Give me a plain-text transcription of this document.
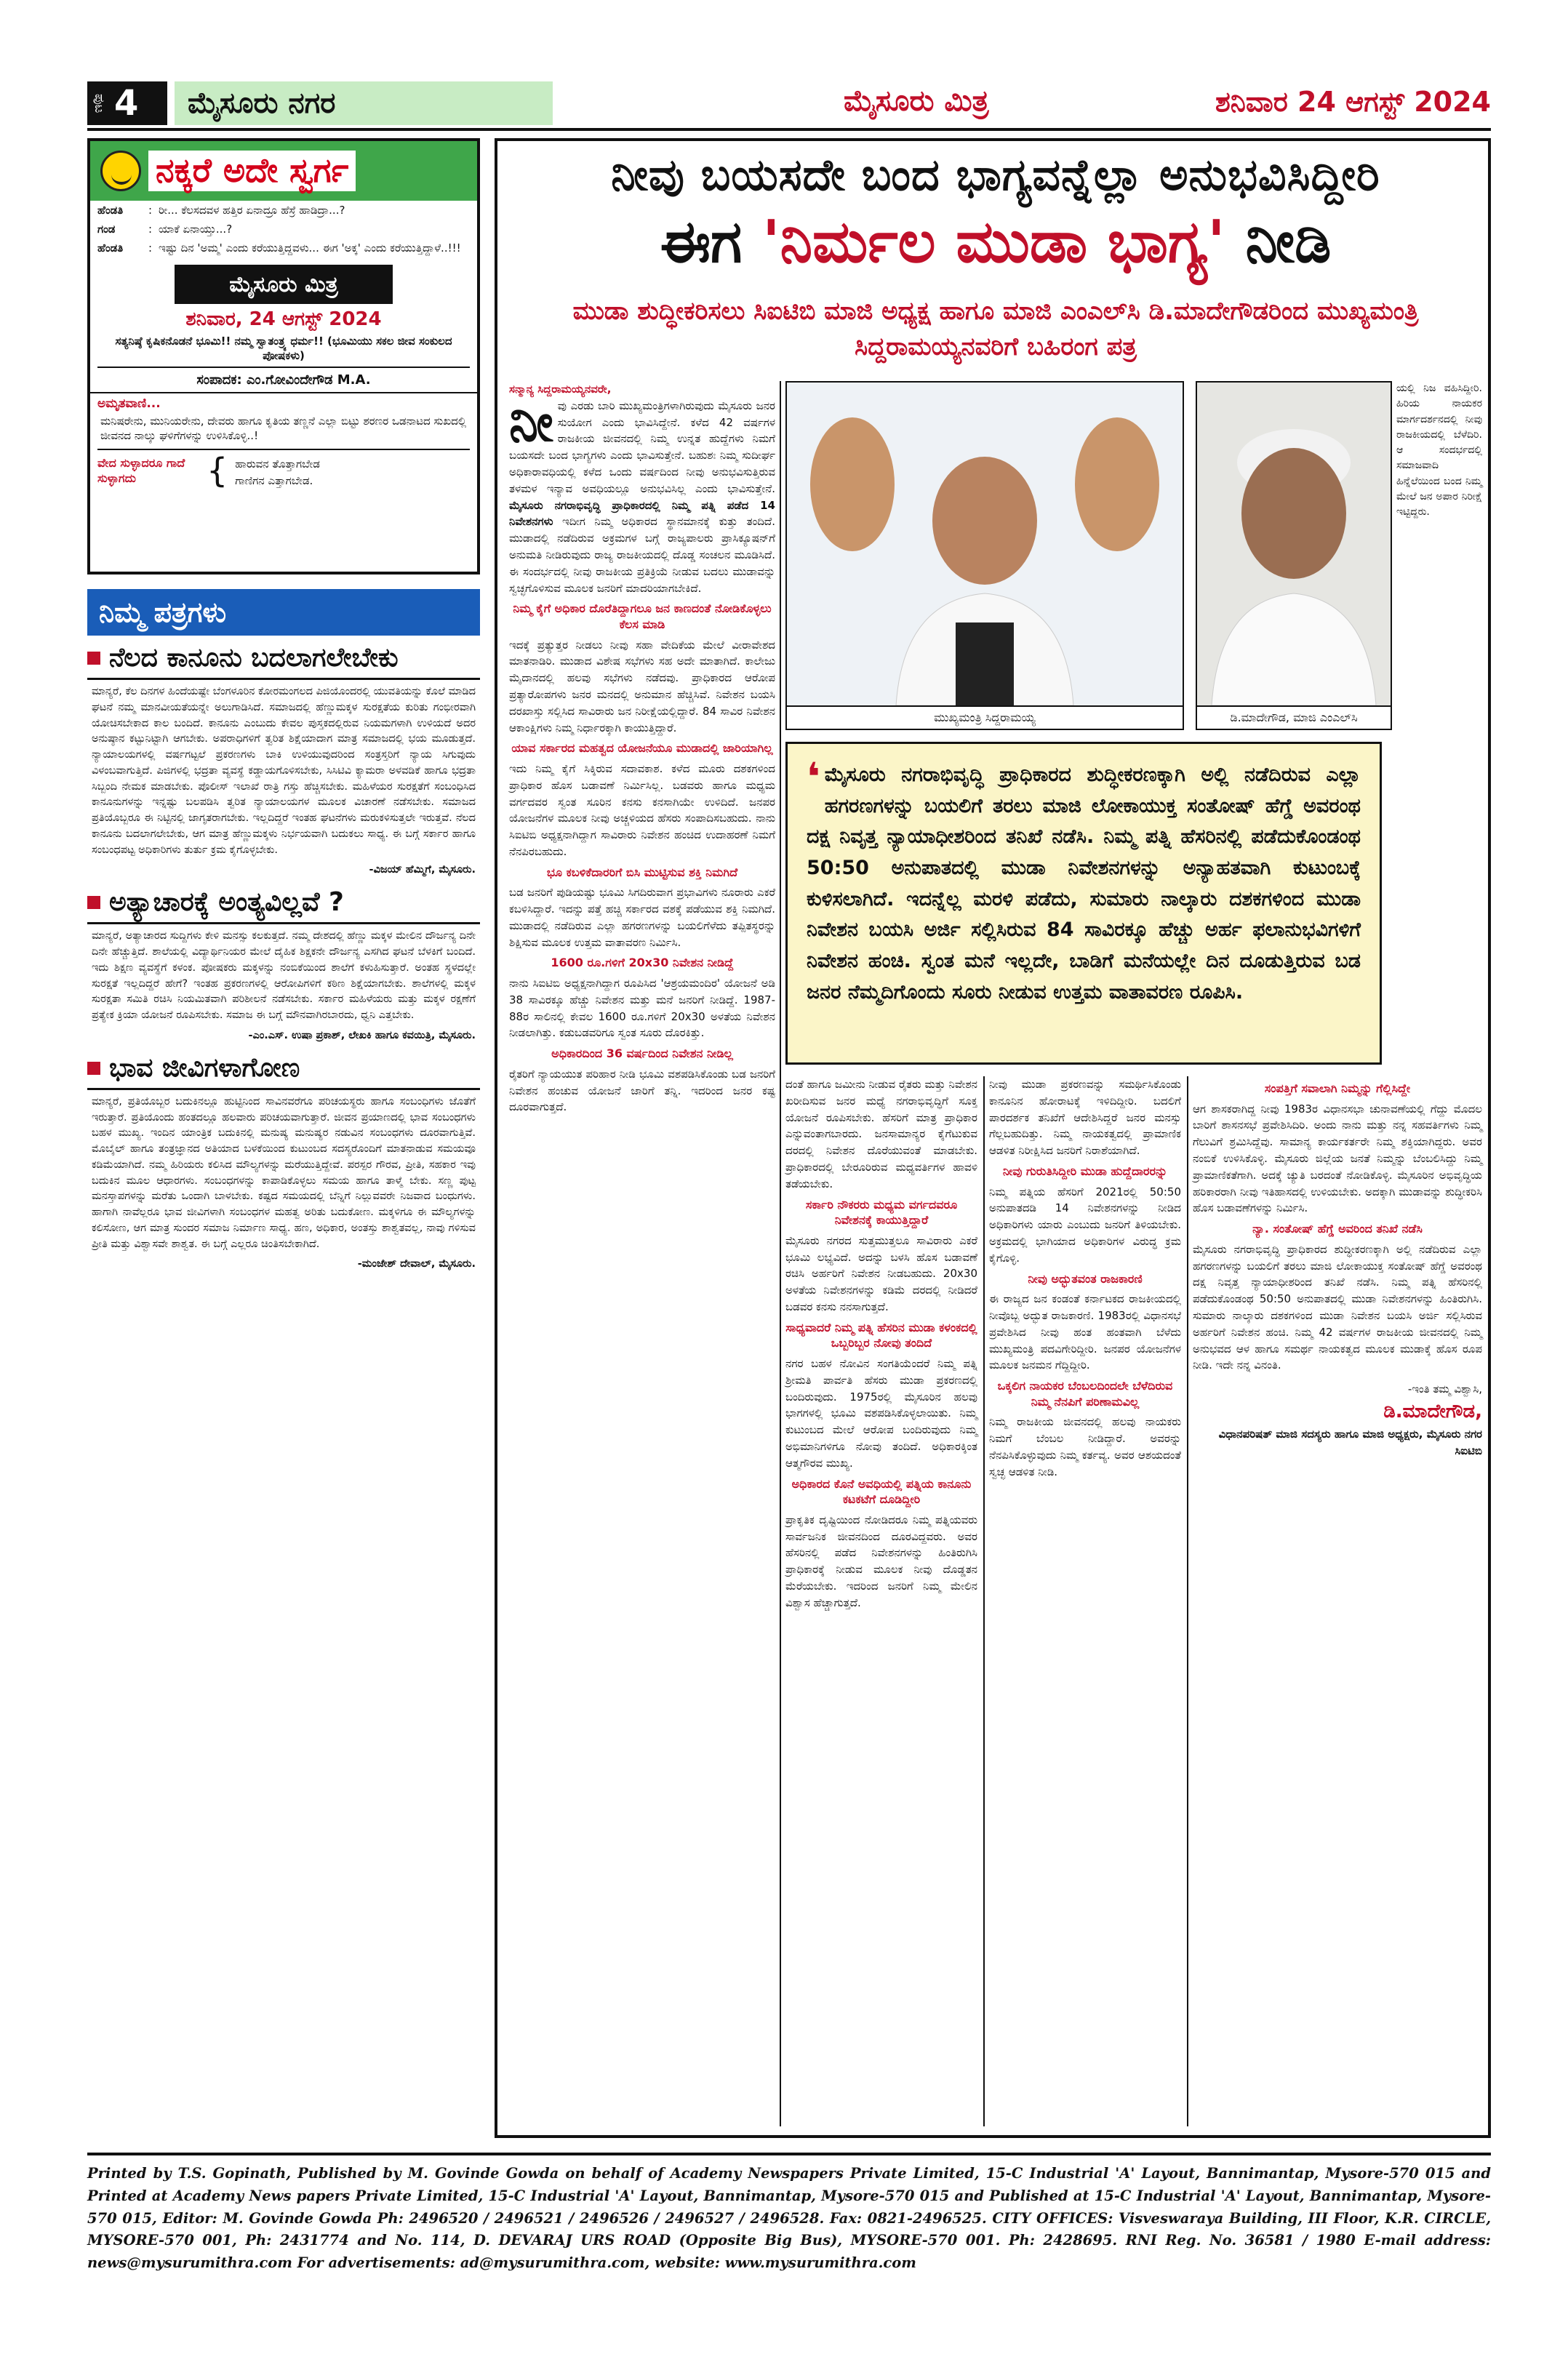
ಪುಟ 4	ಮೈಸೂರು ನಗರ	ಮೈಸೂರು ಮಿತ್ರ	ಶನಿವಾರ 24 ಆಗಸ್ಟ್ 2024
ನಕ್ಕರೆ ಅದೇ ಸ್ವರ್ಗ
ಹೆಂಡತಿ	: ರೀ... ಕೆಲಸದವಳ ಹತ್ತಿರ ಏನಾದ್ರೂ ಹೆಸ್ರೆ ಹಾಡಿದ್ರಾ...?
ಗಂಡ	: ಯಾಕೆ ಏನಾಯ್ತು...?
ಹೆಂಡತಿ	: ಇಷ್ಟು ದಿನ 'ಅಮ್ಮ' ಎಂದು ಕರೆಯುತ್ತಿದ್ದವಳು... ಈಗ 'ಅಕ್ಕ' ಎಂದು ಕರೆಯುತ್ತಿದ್ದಾಳೆ..!!!
ಮೈಸೂರು ಮಿತ್ರ
ಶನಿವಾರ, 24 ಆಗಸ್ಟ್ 2024
ಸತ್ಯನಿಷ್ಠೆ ಕೃಷಿಕನೊಡನೆ ಭೂಮಿ!! ನಮ್ಮ ಸ್ವಾತಂತ್ರ್ಯ ಧರ್ಮ!! (ಭೂಮಿಯು ಸಕಲ ಜೀವ ಸಂಕುಲದ ಪೋಷಕಳು)
ಸಂಪಾದಕ: ಎಂ.ಗೋವಿಂದೇಗೌಡ M.A.
ಅಮೃತವಾಣಿ...
ಮನಿಷರೇನು, ಮುನಿಯರೇನು, ದೇವರು ಹಾಗೂ ಕೃತಿಯ ತಣ್ಣನೆ ಎಲ್ಲಾ ಬಿಟ್ಟು ಶರಣರ ಒಡನಾಟದ ಸುಖದಲ್ಲಿ ಜೀವನದ ನಾಲ್ಕು ಘಳಿಗೆಗಳನ್ನು ಉಳಿಸಿಕೊಳ್ಳಿ..!
ವೇದ ಸುಳ್ಳಾದರೂ ಗಾದೆ ಸುಳ್ಳಾಗದು	{ ಹಾರುವನ ತೊತ್ತಾಗಬೇಡ
ಗಾಣಿಗನ ಎತ್ತಾಗಬೇಡ.
ನಿಮ್ಮ ಪತ್ರಗಳು
ನೆಲದ ಕಾನೂನು ಬದಲಾಗಲೇಬೇಕು
ಮಾನ್ಯರೆ, ಕೆಲ ದಿನಗಳ ಹಿಂದೆಯಷ್ಟೇ ಬೆಂಗಳೂರಿನ ಕೋರಮಂಗಲದ ಪಿಜಿಯೊಂದರಲ್ಲಿ ಯುವತಿಯನ್ನು ಕೊಲೆ ಮಾಡಿದ ಘಟನೆ ನಮ್ಮ ಮಾನವೀಯತೆಯನ್ನೇ ಅಲುಗಾಡಿಸಿದೆ. ಸಮಾಜದಲ್ಲಿ ಹೆಣ್ಣುಮಕ್ಕಳ ಸುರಕ್ಷತೆಯ ಕುರಿತು ಗಂಭೀರವಾಗಿ ಯೋಚಿಸಬೇಕಾದ ಕಾಲ ಬಂದಿದೆ. ಕಾನೂನು ಎಂಬುದು ಕೇವಲ ಪುಸ್ತಕದಲ್ಲಿರುವ ನಿಯಮಗಳಾಗಿ ಉಳಿಯದೆ ಅದರ ಅನುಷ್ಠಾನ ಕಟ್ಟುನಿಟ್ಟಾಗಿ ಆಗಬೇಕು. ಅಪರಾಧಿಗಳಿಗೆ ತ್ವರಿತ ಶಿಕ್ಷೆಯಾದಾಗ ಮಾತ್ರ ಸಮಾಜದಲ್ಲಿ ಭಯ ಮೂಡುತ್ತದೆ. ನ್ಯಾಯಾಲಯಗಳಲ್ಲಿ ವರ್ಷಗಟ್ಟಲೆ ಪ್ರಕರಣಗಳು ಬಾಕಿ ಉಳಿಯುವುದರಿಂದ ಸಂತ್ರಸ್ತರಿಗೆ ನ್ಯಾಯ ಸಿಗುವುದು ವಿಳಂಬವಾಗುತ್ತಿದೆ. ಪಿಜಿಗಳಲ್ಲಿ ಭದ್ರತಾ ವ್ಯವಸ್ಥೆ ಕಡ್ಡಾಯಗೊಳಿಸಬೇಕು, ಸಿಸಿಟಿವಿ ಕ್ಯಾಮರಾ ಅಳವಡಿಕೆ ಹಾಗೂ ಭದ್ರತಾ ಸಿಬ್ಬಂದಿ ನೇಮಕ ಮಾಡಬೇಕು. ಪೊಲೀಸ್ ಇಲಾಖೆ ರಾತ್ರಿ ಗಸ್ತು ಹೆಚ್ಚಿಸಬೇಕು. ಮಹಿಳೆಯರ ಸುರಕ್ಷತೆಗೆ ಸಂಬಂಧಿಸಿದ ಕಾನೂನುಗಳನ್ನು ಇನ್ನಷ್ಟು ಬಲಪಡಿಸಿ ತ್ವರಿತ ನ್ಯಾಯಾಲಯಗಳ ಮೂಲಕ ವಿಚಾರಣೆ ನಡೆಸಬೇಕು. ಸಮಾಜದ ಪ್ರತಿಯೊಬ್ಬರೂ ಈ ನಿಟ್ಟಿನಲ್ಲಿ ಜಾಗೃತರಾಗಬೇಕು. ಇಲ್ಲದಿದ್ದರೆ ಇಂತಹ ಘಟನೆಗಳು ಮರುಕಳಿಸುತ್ತಲೇ ಇರುತ್ತವೆ. ನೆಲದ ಕಾನೂನು ಬದಲಾಗಲೇಬೇಕು, ಆಗ ಮಾತ್ರ ಹೆಣ್ಣುಮಕ್ಕಳು ನಿರ್ಭಯವಾಗಿ ಬದುಕಲು ಸಾಧ್ಯ. ಈ ಬಗ್ಗೆ ಸರ್ಕಾರ ಹಾಗೂ ಸಂಬಂಧಪಟ್ಟ ಅಧಿಕಾರಿಗಳು ತುರ್ತು ಕ್ರಮ ಕೈಗೊಳ್ಳಬೇಕು.
-ವಿಜಯ್ ಹೆಮ್ಮಿಗೆ, ಮೈಸೂರು.
ಅತ್ಯಾಚಾರಕ್ಕೆ ಅಂತ್ಯವಿಲ್ಲವೆ ?
ಮಾನ್ಯರೆ, ಅತ್ಯಾಚಾರದ ಸುದ್ದಿಗಳು ಕೇಳಿ ಮನಸ್ಸು ಕಲಕುತ್ತದೆ. ನಮ್ಮ ದೇಶದಲ್ಲಿ ಹೆಣ್ಣು ಮಕ್ಕಳ ಮೇಲಿನ ದೌರ್ಜನ್ಯ ದಿನೇ ದಿನೇ ಹೆಚ್ಚುತ್ತಿದೆ. ಶಾಲೆಯಲ್ಲಿ ವಿದ್ಯಾರ್ಥಿನಿಯರ ಮೇಲೆ ದೈಹಿಕ ಶಿಕ್ಷಕನೇ ದೌರ್ಜನ್ಯ ಎಸಗಿದ ಘಟನೆ ಬೆಳಕಿಗೆ ಬಂದಿದೆ. ಇದು ಶಿಕ್ಷಣ ವ್ಯವಸ್ಥೆಗೆ ಕಳಂಕ. ಪೋಷಕರು ಮಕ್ಕಳನ್ನು ನಂಬಿಕೆಯಿಂದ ಶಾಲೆಗೆ ಕಳುಹಿಸುತ್ತಾರೆ. ಅಂತಹ ಸ್ಥಳದಲ್ಲೇ ಸುರಕ್ಷತೆ ಇಲ್ಲದಿದ್ದರೆ ಹೇಗೆ? ಇಂತಹ ಪ್ರಕರಣಗಳಲ್ಲಿ ಆರೋಪಿಗಳಿಗೆ ಕಠಿಣ ಶಿಕ್ಷೆಯಾಗಬೇಕು. ಶಾಲೆಗಳಲ್ಲಿ ಮಕ್ಕಳ ಸುರಕ್ಷತಾ ಸಮಿತಿ ರಚಿಸಿ ನಿಯಮಿತವಾಗಿ ಪರಿಶೀಲನೆ ನಡೆಸಬೇಕು. ಸರ್ಕಾರ ಮಹಿಳೆಯರು ಮತ್ತು ಮಕ್ಕಳ ರಕ್ಷಣೆಗೆ ಪ್ರತ್ಯೇಕ ಕ್ರಿಯಾ ಯೋಜನೆ ರೂಪಿಸಬೇಕು. ಸಮಾಜ ಈ ಬಗ್ಗೆ ಮೌನವಾಗಿರಬಾರದು, ಧ್ವನಿ ಎತ್ತಬೇಕು.
-ಎಂ.ಎಸ್. ಉಷಾ ಪ್ರಕಾಶ್, ಲೇಖಕಿ ಹಾಗೂ ಕವಯಿತ್ರಿ, ಮೈಸೂರು.
ಭಾವ ಜೀವಿಗಳಾಗೋಣ
ಮಾನ್ಯರೆ, ಪ್ರತಿಯೊಬ್ಬರ ಬದುಕಿನಲ್ಲೂ ಹುಟ್ಟಿನಿಂದ ಸಾವಿನವರೆಗೂ ಪರಿಚಯಸ್ಥರು ಹಾಗೂ ಸಂಬಂಧಿಗಳು ಜೊತೆಗೆ ಇರುತ್ತಾರೆ. ಪ್ರತಿಯೊಂದು ಹಂತದಲ್ಲೂ ಹಲವಾರು ಪರಿಚಯವಾಗುತ್ತಾರೆ. ಜೀವನ ಪ್ರಯಾಣದಲ್ಲಿ ಭಾವ ಸಂಬಂಧಗಳು ಬಹಳ ಮುಖ್ಯ. ಇಂದಿನ ಯಾಂತ್ರಿಕ ಬದುಕಿನಲ್ಲಿ ಮನುಷ್ಯ ಮನುಷ್ಯರ ನಡುವಿನ ಸಂಬಂಧಗಳು ದೂರವಾಗುತ್ತಿವೆ. ಮೊಬೈಲ್ ಹಾಗೂ ತಂತ್ರಜ್ಞಾನದ ಅತಿಯಾದ ಬಳಕೆಯಿಂದ ಕುಟುಂಬದ ಸದಸ್ಯರೊಂದಿಗೆ ಮಾತನಾಡುವ ಸಮಯವೂ ಕಡಿಮೆಯಾಗಿದೆ. ನಮ್ಮ ಹಿರಿಯರು ಕಲಿಸಿದ ಮೌಲ್ಯಗಳನ್ನು ಮರೆಯುತ್ತಿದ್ದೇವೆ. ಪರಸ್ಪರ ಗೌರವ, ಪ್ರೀತಿ, ಸಹಕಾರ ಇವು ಬದುಕಿನ ಮೂಲ ಆಧಾರಗಳು. ಸಂಬಂಧಗಳನ್ನು ಕಾಪಾಡಿಕೊಳ್ಳಲು ಸಮಯ ಹಾಗೂ ತಾಳ್ಮೆ ಬೇಕು. ಸಣ್ಣ ಪುಟ್ಟ ಮನಸ್ತಾಪಗಳನ್ನು ಮರೆತು ಒಂದಾಗಿ ಬಾಳಬೇಕು. ಕಷ್ಟದ ಸಮಯದಲ್ಲಿ ಬೆನ್ನಿಗೆ ನಿಲ್ಲುವವರೇ ನಿಜವಾದ ಬಂಧುಗಳು. ಹಾಗಾಗಿ ನಾವೆಲ್ಲರೂ ಭಾವ ಜೀವಿಗಳಾಗಿ ಸಂಬಂಧಗಳ ಮಹತ್ವ ಅರಿತು ಬದುಕೋಣ. ಮಕ್ಕಳಿಗೂ ಈ ಮೌಲ್ಯಗಳನ್ನು ಕಲಿಸೋಣ, ಆಗ ಮಾತ್ರ ಸುಂದರ ಸಮಾಜ ನಿರ್ಮಾಣ ಸಾಧ್ಯ. ಹಣ, ಅಧಿಕಾರ, ಅಂತಸ್ತು ಶಾಶ್ವತವಲ್ಲ, ನಾವು ಗಳಿಸುವ ಪ್ರೀತಿ ಮತ್ತು ವಿಶ್ವಾಸವೇ ಶಾಶ್ವತ. ಈ ಬಗ್ಗೆ ಎಲ್ಲರೂ ಚಿಂತಿಸಬೇಕಾಗಿದೆ.
-ಮಂಜೇಶ್ ದೇವಾಲ್, ಮೈಸೂರು.
ನೀವು ಬಯಸದೇ ಬಂದ ಭಾಗ್ಯವನ್ನೆಲ್ಲಾ ಅನುಭವಿಸಿದ್ದೀರಿ
ಈಗ 'ನಿರ್ಮಲ ಮುಡಾ ಭಾಗ್ಯ' ನೀಡಿ
ಮುಡಾ ಶುದ್ಧೀಕರಿಸಲು ಸಿಐಟಿಬಿ ಮಾಜಿ ಅಧ್ಯಕ್ಷ ಹಾಗೂ ಮಾಜಿ ಎಂಎಲ್‌ಸಿ ಡಿ.ಮಾದೇಗೌಡರಿಂದ ಮುಖ್ಯಮಂತ್ರಿ ಸಿದ್ದರಾಮಯ್ಯನವರಿಗೆ ಬಹಿರಂಗ ಪತ್ರ
ಸನ್ಮಾನ್ಯ ಸಿದ್ದರಾಮಯ್ಯನವರೇ,
ನೀ ವು ಎರಡು ಬಾರಿ ಮುಖ್ಯಮಂತ್ರಿಗಳಾಗಿರುವುದು ಮೈಸೂರು ಜನರ ಸುಯೋಗ ಎಂದು ಭಾವಿಸಿದ್ದೇನೆ. ಕಳೆದ 42 ವರ್ಷಗಳ ರಾಜಕೀಯ ಜೀವನದಲ್ಲಿ ನಿಮ್ಮ ಉನ್ನತ ಹುದ್ದೆಗಳು ನಿಮಗೆ ಬಯಸದೇ ಬಂದ ಭಾಗ್ಯಗಳು ಎಂದು ಭಾವಿಸುತ್ತೇನೆ. ಬಹುಶಃ ನಿಮ್ಮ ಸುದೀರ್ಘ ಅಧಿಕಾರಾವಧಿಯಲ್ಲಿ ಕಳೆದ ಒಂದು ವರ್ಷದಿಂದ ನೀವು ಅನುಭವಿಸುತ್ತಿರುವ ತಳಮಳ ಇನ್ಯಾವ ಅವಧಿಯಲ್ಲೂ ಅನುಭವಿಸಿಲ್ಲ ಎಂದು ಭಾವಿಸುತ್ತೇನೆ. ಮೈಸೂರು ನಗರಾಭಿವೃದ್ಧಿ ಪ್ರಾಧಿಕಾರದಲ್ಲಿ ನಿಮ್ಮ ಪತ್ನಿ ಪಡೆದ 14 ನಿವೇಶನಗಳು ಇದೀಗ ನಿಮ್ಮ ಅಧಿಕಾರದ ಸ್ಥಾನಮಾನಕ್ಕೆ ಕುತ್ತು ತಂದಿದೆ. ಮುಡಾದಲ್ಲಿ ನಡೆದಿರುವ ಅಕ್ರಮಗಳ ಬಗ್ಗೆ ರಾಜ್ಯಪಾಲರು ಪ್ರಾಸಿಕ್ಯೂಷನ್‌ಗೆ ಅನುಮತಿ ನೀಡಿರುವುದು ರಾಜ್ಯ ರಾಜಕೀಯದಲ್ಲಿ ದೊಡ್ಡ ಸಂಚಲನ ಮೂಡಿಸಿದೆ. ಈ ಸಂದರ್ಭದಲ್ಲಿ ನೀವು ರಾಜಕೀಯ ಪ್ರತಿಕ್ರಿಯೆ ನೀಡುವ ಬದಲು ಮುಡಾವನ್ನು ಸ್ವಚ್ಛಗೊಳಿಸುವ ಮೂಲಕ ಜನರಿಗೆ ಮಾದರಿಯಾಗಬೇಕಿದೆ.
ನಿಮ್ಮ ಕೈಗೆ ಅಧಿಕಾರ ದೊರೆತಿದ್ದಾಗಲೂ ಜನ ಕಾಣದಂತೆ ನೋಡಿಕೊಳ್ಳಲು ಕೆಲಸ ಮಾಡಿ
ಇದಕ್ಕೆ ಪ್ರತ್ಯುತ್ತರ ನೀಡಲು ನೀವು ಸಹಾ ವೇದಿಕೆಯ ಮೇಲೆ ವೀರಾವೇಶದ ಮಾತನಾಡಿರಿ. ಮುಡಾದ ವಿಶೇಷ ಸಭೆಗಳು ಸಹ ಅದೇ ಮಾತಾಗಿದೆ. ಕಾಲೇಜು ಮೈದಾನದಲ್ಲಿ ಹಲವು ಸಭೆಗಳು ನಡೆದವು. ಪ್ರಾಧಿಕಾರದ ಆರೋಪ ಪ್ರತ್ಯಾರೋಪಗಳು ಜನರ ಮನದಲ್ಲಿ ಅನುಮಾನ ಹೆಚ್ಚಿಸಿವೆ. ನಿವೇಶನ ಬಯಸಿ ದರಖಾಸ್ತು ಸಲ್ಲಿಸಿದ ಸಾವಿರಾರು ಜನ ನಿರೀಕ್ಷೆಯಲ್ಲಿದ್ದಾರೆ. 84 ಸಾವಿರ ನಿವೇಶನ ಆಕಾಂಕ್ಷಿಗಳು ನಿಮ್ಮ ನಿರ್ಧಾರಕ್ಕಾಗಿ ಕಾಯುತ್ತಿದ್ದಾರೆ.
ಯಾವ ಸರ್ಕಾರದ ಮಹತ್ವದ ಯೋಜನೆಯೂ ಮುಡಾದಲ್ಲಿ ಜಾರಿಯಾಗಿಲ್ಲ
ಇದು ನಿಮ್ಮ ಕೈಗೆ ಸಿಕ್ಕಿರುವ ಸದಾವಕಾಶ. ಕಳೆದ ಮೂರು ದಶಕಗಳಿಂದ ಪ್ರಾಧಿಕಾರ ಹೊಸ ಬಡಾವಣೆ ನಿರ್ಮಿಸಿಲ್ಲ. ಬಡವರು ಹಾಗೂ ಮಧ್ಯಮ ವರ್ಗದವರ ಸ್ವಂತ ಸೂರಿನ ಕನಸು ಕನಸಾಗಿಯೇ ಉಳಿದಿದೆ. ಜನಪರ ಯೋಜನೆಗಳ ಮೂಲಕ ನೀವು ಅಚ್ಚಳಿಯದ ಹೆಸರು ಸಂಪಾದಿಸಬಹುದು. ನಾನು ಸಿಐಟಿಬಿ ಅಧ್ಯಕ್ಷನಾಗಿದ್ದಾಗ ಸಾವಿರಾರು ನಿವೇಶನ ಹಂಚಿದ ಉದಾಹರಣೆ ನಿಮಗೆ ನೆನಪಿರಬಹುದು.
ಭೂ ಕಬಳಿಕೆದಾರರಿಗೆ ಬಿಸಿ ಮುಟ್ಟಿಸುವ ಶಕ್ತಿ ನಿಮಗಿದೆ
ಬಡ ಜನರಿಗೆ ಪುಡಿಯಷ್ಟು ಭೂಮಿ ಸಿಗದಿರುವಾಗ ಪ್ರಭಾವಿಗಳು ನೂರಾರು ಎಕರೆ ಕಬಳಿಸಿದ್ದಾರೆ. ಇದನ್ನು ಪತ್ತೆ ಹಚ್ಚಿ ಸರ್ಕಾರದ ವಶಕ್ಕೆ ಪಡೆಯುವ ಶಕ್ತಿ ನಿಮಗಿದೆ. ಮುಡಾದಲ್ಲಿ ನಡೆದಿರುವ ಎಲ್ಲಾ ಹಗರಣಗಳನ್ನು ಬಯಲಿಗೆಳೆದು ತಪ್ಪಿತಸ್ಥರನ್ನು ಶಿಕ್ಷಿಸುವ ಮೂಲಕ ಉತ್ತಮ ವಾತಾವರಣ ನಿರ್ಮಿಸಿ.
1600 ರೂ.ಗಳಿಗೆ 20x30 ನಿವೇಶನ ನೀಡಿದ್ದೆ
ನಾನು ಸಿಐಟಿಬಿ ಅಧ್ಯಕ್ಷನಾಗಿದ್ದಾಗ ರೂಪಿಸಿದ 'ಆಶ್ರಯಮಂದಿರ' ಯೋಜನೆ ಅಡಿ 38 ಸಾವಿರಕ್ಕೂ ಹೆಚ್ಚು ನಿವೇಶನ ಮತ್ತು ಮನೆ ಜನರಿಗೆ ನೀಡಿದ್ದೆ. 1987-88ರ ಸಾಲಿನಲ್ಲಿ ಕೇವಲ 1600 ರೂ.ಗಳಿಗೆ 20x30 ಅಳತೆಯ ನಿವೇಶನ ನೀಡಲಾಗಿತ್ತು. ಕಡುಬಡವರಿಗೂ ಸ್ವಂತ ಸೂರು ದೊರಕಿತ್ತು.
ಅಧಿಕಾರದಿಂದ 36 ವರ್ಷದಿಂದ ನಿವೇಶನ ನೀಡಿಲ್ಲ
ರೈತರಿಗೆ ನ್ಯಾಯಯುತ ಪರಿಹಾರ ನೀಡಿ ಭೂಮಿ ವಶಪಡಿಸಿಕೊಂಡು ಬಡ ಜನರಿಗೆ ನಿವೇಶನ ಹಂಚುವ ಯೋಜನೆ ಜಾರಿಗೆ ತನ್ನಿ. ಇದರಿಂದ ಜನರ ಕಷ್ಟ ದೂರವಾಗುತ್ತದೆ.
ಮುಖ್ಯಮಂತ್ರಿ ಸಿದ್ದರಾಮಯ್ಯ	ಡಿ.ಮಾದೇಗೌಡ, ಮಾಜಿ ಎಂಎಲ್‌ಸಿ
❛ ಮೈಸೂರು ನಗರಾಭಿವೃದ್ಧಿ ಪ್ರಾಧಿಕಾರದ ಶುದ್ಧೀಕರಣಕ್ಕಾಗಿ ಅಲ್ಲಿ ನಡೆದಿರುವ ಎಲ್ಲಾ ಹಗರಣಗಳನ್ನು ಬಯಲಿಗೆ ತರಲು ಮಾಜಿ ಲೋಕಾಯುಕ್ತ ಸಂತೋಷ್ ಹೆಗ್ಡೆ ಅವರಂಥ ದಕ್ಷ ನಿವೃತ್ತ ನ್ಯಾಯಾಧೀಶರಿಂದ ತನಿಖೆ ನಡೆಸಿ. ನಿಮ್ಮ ಪತ್ನಿ ಹೆಸರಿನಲ್ಲಿ ಪಡೆದುಕೊಂಡಂಥ 50:50 ಅನುಪಾತದಲ್ಲಿ ಮುಡಾ ನಿವೇಶನಗಳನ್ನು ಅನ್ಯಾಹತವಾಗಿ ಕುಟುಂಬಕ್ಕೆ ಕುಳಿಸಲಾಗಿದೆ. ಇದನ್ನೆಲ್ಲ ಮರಳಿ ಪಡೆದು, ಸುಮಾರು ನಾಲ್ಕಾರು ದಶಕಗಳಿಂದ ಮುಡಾ ನಿವೇಶನ ಬಯಸಿ ಅರ್ಜಿ ಸಲ್ಲಿಸಿರುವ 84 ಸಾವಿರಕ್ಕೂ ಹೆಚ್ಚು ಅರ್ಹ ಫಲಾನುಭವಿಗಳಿಗೆ ನಿವೇಶನ ಹಂಚಿ. ಸ್ವಂತ ಮನೆ ಇಲ್ಲದೇ, ಬಾಡಿಗೆ ಮನೆಯಲ್ಲೇ ದಿನ ದೂಡುತ್ತಿರುವ ಬಡ ಜನರ ನೆಮ್ಮದಿಗೊಂದು ಸೂರು ನೀಡುವ ಉತ್ತಮ ವಾತಾವರಣ ರೂಪಿಸಿ.
ದಂತೆ ಹಾಗೂ ಜಮೀನು ನೀಡುವ ರೈತರು ಮತ್ತು ನಿವೇಶನ ಖರೀದಿಸುವ ಜನರ ಮಧ್ಯೆ ನಗರಾಭಿವೃದ್ಧಿಗೆ ಸೂಕ್ತ ಯೋಜನೆ ರೂಪಿಸಬೇಕು. ಹೆಸರಿಗೆ ಮಾತ್ರ ಪ್ರಾಧಿಕಾರ ಎನ್ನುವಂತಾಗಬಾರದು. ಜನಸಾಮಾನ್ಯರ ಕೈಗೆಟುಕುವ ದರದಲ್ಲಿ ನಿವೇಶನ ದೊರೆಯುವಂತೆ ಮಾಡಬೇಕು. ಪ್ರಾಧಿಕಾರದಲ್ಲಿ ಬೇರೂರಿರುವ ಮಧ್ಯವರ್ತಿಗಳ ಹಾವಳಿ ತಡೆಯಬೇಕು.
ಸರ್ಕಾರಿ ನೌಕರರು ಮಧ್ಯಮ ವರ್ಗದವರೂ ನಿವೇಶನಕ್ಕೆ ಕಾಯುತ್ತಿದ್ದಾರೆ
ಮೈಸೂರು ನಗರದ ಸುತ್ತಮುತ್ತಲೂ ಸಾವಿರಾರು ಎಕರೆ ಭೂಮಿ ಲಭ್ಯವಿದೆ. ಅದನ್ನು ಬಳಸಿ ಹೊಸ ಬಡಾವಣೆ ರಚಿಸಿ ಅರ್ಹರಿಗೆ ನಿವೇಶನ ನೀಡಬಹುದು. 20x30 ಅಳತೆಯ ನಿವೇಶನಗಳನ್ನು ಕಡಿಮೆ ದರದಲ್ಲಿ ನೀಡಿದರೆ ಬಡವರ ಕನಸು ನನಸಾಗುತ್ತದೆ.
ಸಾಧ್ಯವಾದರೆ ನಿಮ್ಮ ಪತ್ನಿ ಹೆಸರಿನ ಮುಡಾ ಕಳಂಕದಲ್ಲಿ ಒಬ್ಬರಿಬ್ಬರ ನೋವು ತಂದಿದೆ
ನಗರ ಬಹಳ ನೋವಿನ ಸಂಗತಿಯೆಂದರೆ ನಿಮ್ಮ ಪತ್ನಿ ಶ್ರೀಮತಿ ಪಾರ್ವತಿ ಹೆಸರು ಮುಡಾ ಪ್ರಕರಣದಲ್ಲಿ ಬಂದಿರುವುದು. 1975ರಲ್ಲಿ ಮೈಸೂರಿನ ಹಲವು ಭಾಗಗಳಲ್ಲಿ ಭೂಮಿ ವಶಪಡಿಸಿಕೊಳ್ಳಲಾಯಿತು. ನಿಮ್ಮ ಕುಟುಂಬದ ಮೇಲೆ ಆರೋಪ ಬಂದಿರುವುದು ನಿಮ್ಮ ಅಭಿಮಾನಿಗಳಿಗೂ ನೋವು ತಂದಿದೆ. ಅಧಿಕಾರಕ್ಕಿಂತ ಆತ್ಮಗೌರವ ಮುಖ್ಯ.
ಅಧಿಕಾರದ ಕೊನೆ ಅವಧಿಯಲ್ಲಿ ಪತ್ನಿಯ ಕಾನೂನು ಕಟಕಟೆಗೆ ದೂಡಿದ್ದೀರಿ
ಪ್ರಾಕೃತಿಕ ದೃಷ್ಟಿಯಿಂದ ನೋಡಿದರೂ ನಿಮ್ಮ ಪತ್ನಿಯವರು ಸಾರ್ವಜನಿಕ ಜೀವನದಿಂದ ದೂರವಿದ್ದವರು. ಅವರ ಹೆಸರಿನಲ್ಲಿ ಪಡೆದ ನಿವೇಶನಗಳನ್ನು ಹಿಂತಿರುಗಿಸಿ ಪ್ರಾಧಿಕಾರಕ್ಕೆ ನೀಡುವ ಮೂಲಕ ನೀವು ದೊಡ್ಡತನ ಮೆರೆಯಬೇಕು. ಇದರಿಂದ ಜನರಿಗೆ ನಿಮ್ಮ ಮೇಲಿನ ವಿಶ್ವಾಸ ಹೆಚ್ಚಾಗುತ್ತದೆ.
ನೀವು ಮುಡಾ ಪ್ರಕರಣವನ್ನು ಸಮರ್ಥಿಸಿಕೊಂಡು ಕಾನೂನಿನ ಹೋರಾಟಕ್ಕೆ ಇಳಿದಿದ್ದೀರಿ. ಬದಲಿಗೆ ಪಾರದರ್ಶಕ ತನಿಖೆಗೆ ಆದೇಶಿಸಿದ್ದರೆ ಜನರ ಮನಸ್ಸು ಗೆಲ್ಲಬಹುದಿತ್ತು. ನಿಮ್ಮ ನಾಯಕತ್ವದಲ್ಲಿ ಪ್ರಾಮಾಣಿಕ ಆಡಳಿತ ನಿರೀಕ್ಷಿಸಿದ ಜನರಿಗೆ ನಿರಾಶೆಯಾಗಿದೆ.
ನೀವು ಗುರುತಿಸಿದ್ದೀರಿ ಮುಡಾ ಹುದ್ದೆದಾರರನ್ನು
ನಿಮ್ಮ ಪತ್ನಿಯ ಹೆಸರಿಗೆ 2021ರಲ್ಲಿ 50:50 ಅನುಪಾತದಡಿ 14 ನಿವೇಶನಗಳನ್ನು ನೀಡಿದ ಅಧಿಕಾರಿಗಳು ಯಾರು ಎಂಬುದು ಜನರಿಗೆ ತಿಳಿಯಬೇಕು. ಅಕ್ರಮದಲ್ಲಿ ಭಾಗಿಯಾದ ಅಧಿಕಾರಿಗಳ ವಿರುದ್ಧ ಕ್ರಮ ಕೈಗೊಳ್ಳಿ.
ನೀವು ಅದ್ಭುತವಂತ ರಾಜಕಾರಣಿ
ಈ ರಾಜ್ಯದ ಜನ ಕಂಡಂತೆ ಕರ್ನಾಟಕದ ರಾಜಕೀಯದಲ್ಲಿ ನೀವೊಬ್ಬ ಅದ್ಭುತ ರಾಜಕಾರಣಿ. 1983ರಲ್ಲಿ ವಿಧಾನಸಭೆ ಪ್ರವೇಶಿಸಿದ ನೀವು ಹಂತ ಹಂತವಾಗಿ ಬೆಳೆದು ಮುಖ್ಯಮಂತ್ರಿ ಪದವಿಗೇರಿದ್ದೀರಿ. ಜನಪರ ಯೋಜನೆಗಳ ಮೂಲಕ ಜನಮನ ಗೆದ್ದಿದ್ದೀರಿ.
ಒಕ್ಕಲಿಗ ನಾಯಕರ ಬೆಂಬಲದಿಂದಲೇ ಬೆಳೆದಿರುವ ನಿಮ್ಮ ನೆನಪಿಗೆ ಪರಿಣಾಮವಿಲ್ಲ
ನಿಮ್ಮ ರಾಜಕೀಯ ಜೀವನದಲ್ಲಿ ಹಲವು ನಾಯಕರು ನಿಮಗೆ ಬೆಂಬಲ ನೀಡಿದ್ದಾರೆ. ಅವರನ್ನು ನೆನಪಿಸಿಕೊಳ್ಳುವುದು ನಿಮ್ಮ ಕರ್ತವ್ಯ. ಅವರ ಆಶಯದಂತೆ ಸ್ವಚ್ಛ ಆಡಳಿತ ನೀಡಿ.
ಯಲ್ಲಿ ನಿಜ ವಹಿಸಿದ್ದೀರಿ. ಹಿರಿಯ ನಾಯಕರ ಮಾರ್ಗದರ್ಶನದಲ್ಲಿ ನೀವು ರಾಜಕೀಯದಲ್ಲಿ ಬೆಳೆದಿರಿ. ಆ ಸಂದರ್ಭದಲ್ಲಿ ಸಮಾಜವಾದಿ ಹಿನ್ನೆಲೆಯಿಂದ ಬಂದ ನಿಮ್ಮ ಮೇಲೆ ಜನ ಅಪಾರ ನಿರೀಕ್ಷೆ ಇಟ್ಟಿದ್ದರು.
ಸಂಪತ್ತಿಗೆ ಸವಾಲಾಗಿ ನಿಮ್ಮನ್ನು ಗೆಲ್ಲಿಸಿದ್ದೇ
ಆಗ ಶಾಸಕರಾಗಿದ್ದ ನೀವು 1983ರ ವಿಧಾನಸಭಾ ಚುನಾವಣೆಯಲ್ಲಿ ಗೆದ್ದು ಮೊದಲ ಬಾರಿಗೆ ಶಾಸನಸಭೆ ಪ್ರವೇಶಿಸಿದಿರಿ. ಅಂದು ನಾನು ಮತ್ತು ನನ್ನ ಸಹವರ್ತಿಗಳು ನಿಮ್ಮ ಗೆಲುವಿಗೆ ಶ್ರಮಿಸಿದ್ದೆವು. ಸಾಮಾನ್ಯ ಕಾರ್ಯಕರ್ತರೇ ನಿಮ್ಮ ಶಕ್ತಿಯಾಗಿದ್ದರು. ಅವರ ನಂಬಿಕೆ ಉಳಿಸಿಕೊಳ್ಳಿ. ಮೈಸೂರು ಜಿಲ್ಲೆಯ ಜನತೆ ನಿಮ್ಮನ್ನು ಬೆಂಬಲಿಸಿದ್ದು ನಿಮ್ಮ ಪ್ರಾಮಾಣಿಕತೆಗಾಗಿ. ಅದಕ್ಕೆ ಚ್ಯುತಿ ಬರದಂತೆ ನೋಡಿಕೊಳ್ಳಿ. ಮೈಸೂರಿನ ಅಭಿವೃದ್ಧಿಯ ಹರಿಕಾರರಾಗಿ ನೀವು ಇತಿಹಾಸದಲ್ಲಿ ಉಳಿಯಬೇಕು. ಅದಕ್ಕಾಗಿ ಮುಡಾವನ್ನು ಶುದ್ಧೀಕರಿಸಿ ಹೊಸ ಬಡಾವಣೆಗಳನ್ನು ನಿರ್ಮಿಸಿ.
ನ್ಯಾ. ಸಂತೋಷ್ ಹೆಗ್ಡೆ ಅವರಿಂದ ತನಿಖೆ ನಡೆಸಿ
ಮೈಸೂರು ನಗರಾಭಿವೃದ್ಧಿ ಪ್ರಾಧಿಕಾರದ ಶುದ್ಧೀಕರಣಕ್ಕಾಗಿ ಅಲ್ಲಿ ನಡೆದಿರುವ ಎಲ್ಲಾ ಹಗರಣಗಳನ್ನು ಬಯಲಿಗೆ ತರಲು ಮಾಜಿ ಲೋಕಾಯುಕ್ತ ಸಂತೋಷ್ ಹೆಗ್ಡೆ ಅವರಂಥ ದಕ್ಷ ನಿವೃತ್ತ ನ್ಯಾಯಾಧೀಶರಿಂದ ತನಿಖೆ ನಡೆಸಿ. ನಿಮ್ಮ ಪತ್ನಿ ಹೆಸರಿನಲ್ಲಿ ಪಡೆದುಕೊಂಡಂಥ 50:50 ಅನುಪಾತದಲ್ಲಿ ಮುಡಾ ನಿವೇಶನಗಳನ್ನು ಹಿಂತಿರುಗಿಸಿ. ಸುಮಾರು ನಾಲ್ಕಾರು ದಶಕಗಳಿಂದ ಮುಡಾ ನಿವೇಶನ ಬಯಸಿ ಅರ್ಜಿ ಸಲ್ಲಿಸಿರುವ ಅರ್ಹರಿಗೆ ನಿವೇಶನ ಹಂಚಿ. ನಿಮ್ಮ 42 ವರ್ಷಗಳ ರಾಜಕೀಯ ಜೀವನದಲ್ಲಿ ನಿಮ್ಮ ಅನುಭವದ ಆಳ ಹಾಗೂ ಸಮರ್ಥ ನಾಯಕತ್ವದ ಮೂಲಕ ಮುಡಾಕ್ಕೆ ಹೊಸ ರೂಪ ನೀಡಿ. ಇದೇ ನನ್ನ ವಿನಂತಿ.
-ಇಂತಿ ತಮ್ಮ ವಿಶ್ವಾಸಿ,
ಡಿ.ಮಾದೇಗೌಡ,
ವಿಧಾನಪರಿಷತ್ ಮಾಜಿ ಸದಸ್ಯರು ಹಾಗೂ ಮಾಜಿ ಅಧ್ಯಕ್ಷರು, ಮೈಸೂರು ನಗರ ಸಿಐಟಿಬಿ
Printed by T.S. Gopinath, Published by M. Govinde Gowda on behalf of Academy Newspapers Private Limited, 15-C Industrial 'A' Layout, Bannimantap, Mysore-570 015 and Printed at Academy News papers Private Limited, 15-C Industrial 'A' Layout, Bannimantap, Mysore-570 015 and Published at 15-C Industrial 'A' Layout, Bannimantap, Mysore-570 015, Editor: M. Govinde Gowda Ph: 2496520 / 2496521 / 2496526 / 2496527 / 2496528. Fax: 0821-2496525. CITY OFFICES: Visveswaraya Building, III Floor, K.R. CIRCLE, MYSORE-570 001, Ph: 2431774 and No. 114, D. DEVARAJ URS ROAD (Opposite Big Bus), MYSORE-570 001. Ph: 2428695. RNI Reg. No. 36581 / 1980 E-mail address: news@mysurumithra.com For advertisements: ad@mysurumithra.com, website: www.mysurumithra.com
